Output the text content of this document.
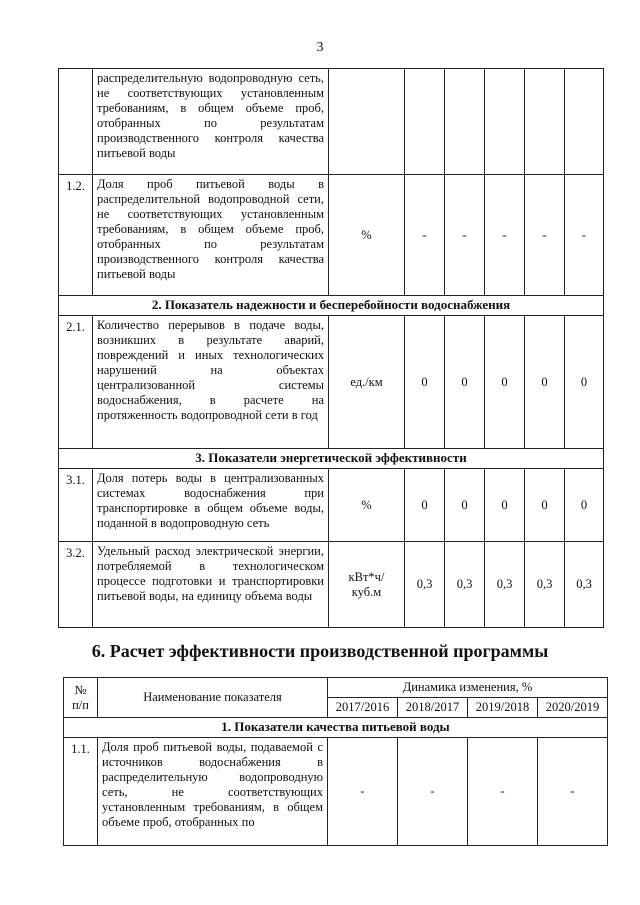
3
	распределительную водопроводную сеть, не соответствующих установленным требованиям, в общем объеме проб, отобранных по результатам производственного контроля качества питьевой воды						
1.2.	Доля проб питьевой воды в распределительной водопроводной сети, не соответствующих установленным требованиям, в общем объеме проб, отобранных по результатам производственного контроля качества питьевой воды	%	-	-	-	-	-
2. Показатель надежности и бесперебойности водоснабжения							
2.1.	Количество перерывов в подаче воды, возникших в результате аварий, повреждений и иных технологических нарушений на объектах централизованной системы водоснабжения, в расчете на протяженность водопроводной сети в год	ед./км	0	0	0	0	0
3. Показатели энергетической эффективности							
3.1.	Доля потерь воды в централизованных системах водоснабжения при транспортировке в общем объеме воды, поданной в водопроводную сеть	%	0	0	0	0	0
3.2.	Удельный расход электрической энергии, потребляемой в технологическом процессе подготовки и транспортировки питьевой воды, на единицу объема воды	кВт*ч/ куб.м	0,3	0,3	0,3	0,3	0,3
6. Расчет эффективности производственной программы
№ п/п	Наименование показателя	Динамика изменения, %			
		2017/2016	2018/2017	2019/2018	2020/2019
1. Показатели качества питьевой воды					
1.1.	Доля проб питьевой воды, подаваемой с источников водоснабжения в распределительную водопроводную сеть, не соответствующих установленным требованиям, в общем объеме проб, отобранных по	-	-	-	-
